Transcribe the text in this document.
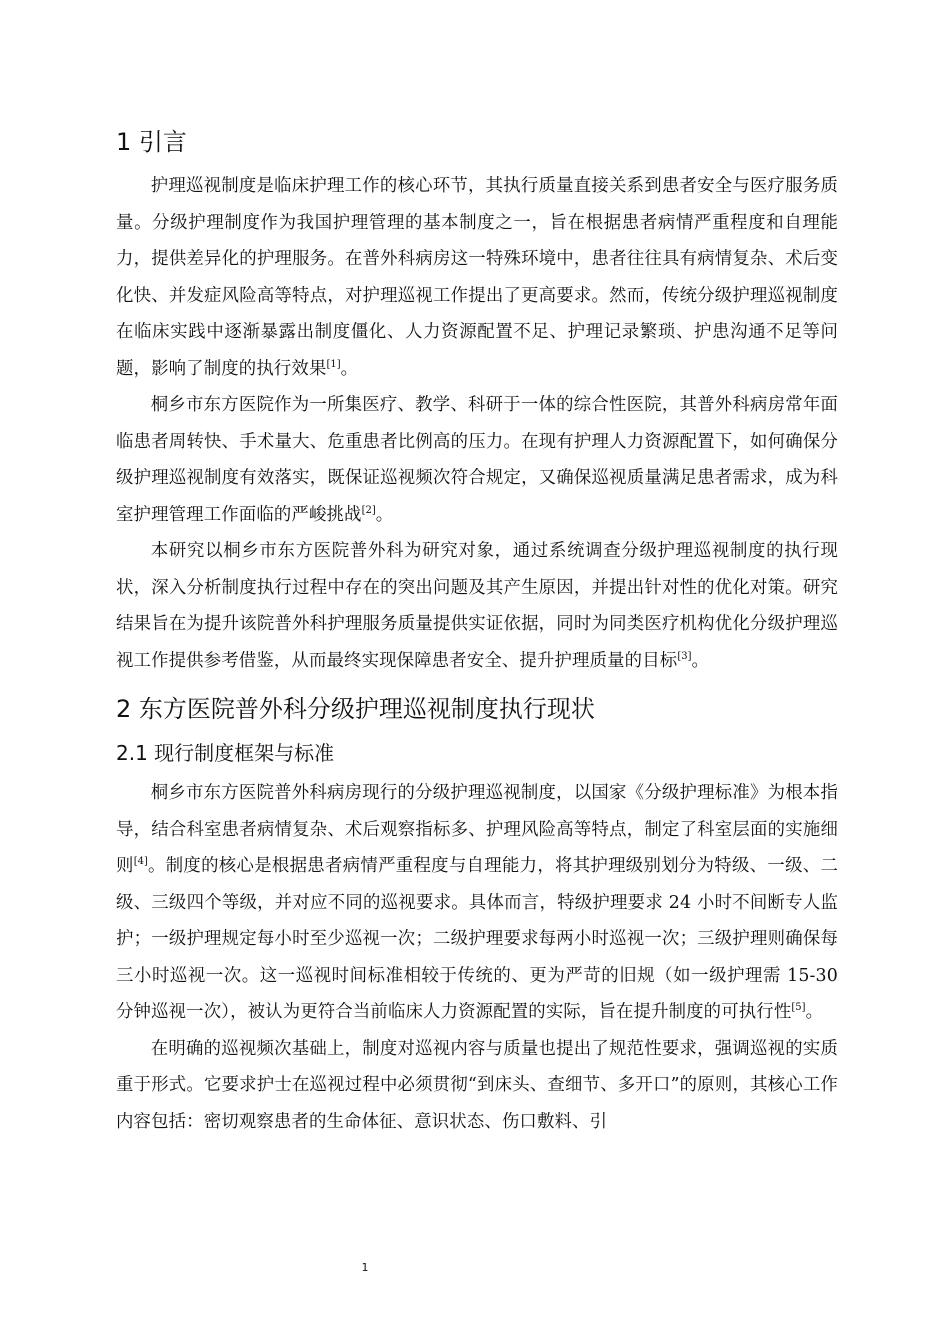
1 引言

护理巡视制度是临床护理工作的核心环节，其执行质量直接关系到患者安全与医疗服务质量。分级护理制度作为我国护理管理的基本制度之一，旨在根据患者病情严重程度和自理能力，提供差异化的护理服务。在普外科病房这一特殊环境中，患者往往具有病情复杂、术后变化快、并发症风险高等特点，对护理巡视工作提出了更高要求。然而，传统分级护理巡视制度在临床实践中逐渐暴露出制度僵化、人力资源配置不足、护理记录繁琐、护患沟通不足等问题，影响了制度的执行效果[1]。

桐乡市东方医院作为一所集医疗、教学、科研于一体的综合性医院，其普外科病房常年面临患者周转快、手术量大、危重患者比例高的压力。在现有护理人力资源配置下，如何确保分级护理巡视制度有效落实，既保证巡视频次符合规定，又确保巡视质量满足患者需求，成为科室护理管理工作面临的严峻挑战[2]。

本研究以桐乡市东方医院普外科为研究对象，通过系统调查分级护理巡视制度的执行现状，深入分析制度执行过程中存在的突出问题及其产生原因，并提出针对性的优化对策。研究结果旨在为提升该院普外科护理服务质量提供实证依据，同时为同类医疗机构优化分级护理巡视工作提供参考借鉴，从而最终实现保障患者安全、提升护理质量的目标[3]。

2 东方医院普外科分级护理巡视制度执行现状
2.1 现行制度框架与标准

桐乡市东方医院普外科病房现行的分级护理巡视制度，以国家《分级护理标准》为根本指导，结合科室患者病情复杂、术后观察指标多、护理风险高等特点，制定了科室层面的实施细则[4]。制度的核心是根据患者病情严重程度与自理能力，将其护理级别划分为特级、一级、二级、三级四个等级，并对应不同的巡视要求。具体而言，特级护理要求 24 小时不间断专人监护；一级护理规定每小时至少巡视一次；二级护理要求每两小时巡视一次；三级护理则确保每三小时巡视一次。这一巡视时间标准相较于传统的、更为严苛的旧规（如一级护理需 15-30 分钟巡视一次），被认为更符合当前临床人力资源配置的实际，旨在提升制度的可执行性[5]。

在明确的巡视频次基础上，制度对巡视内容与质量也提出了规范性要求，强调巡视的实质重于形式。它要求护士在巡视过程中必须贯彻“到床头、查细节、多开口”的原则，其核心工作内容包括：密切观察患者的生命体征、意识状态、伤口敷料、引

1
